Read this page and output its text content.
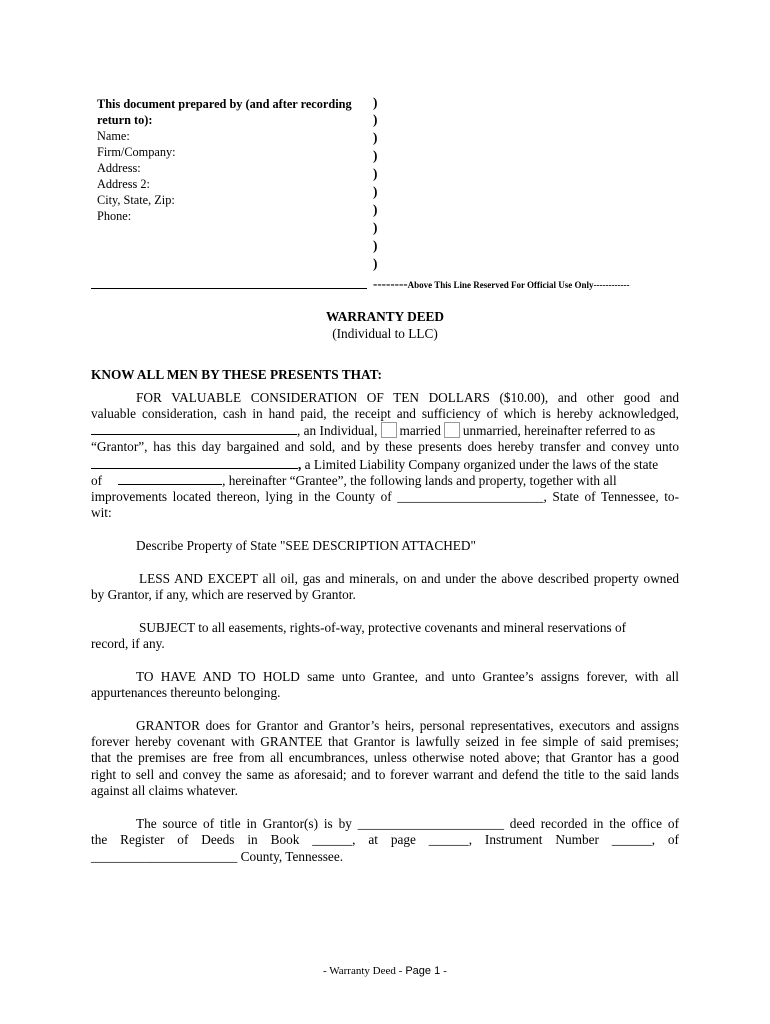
This document prepared by (and after recording
return to):
Name:
Firm/Company:
Address:
Address 2:
City, State, Zip:
Phone:
)
)
)
)
)
)
)
)
)
)
--------Above This Line Reserved For Official Use Only------------
WARRANTY DEED
(Individual to LLC)
KNOW ALL MEN BY THESE PRESENTS THAT:
FOR VALUABLE CONSIDERATION OF TEN DOLLARS ($10.00), and other good and
valuable consideration, cash in hand paid, the receipt and sufficiency of which is hereby acknowledged,
, an Individual, married unmarried, hereinafter referred to as
“Grantor”, has this day bargained and sold, and by these presents does hereby transfer and convey unto
, a Limited Liability Company organized under the laws of the state
of	, hereinafter “Grantee”, the following lands and property, together with all
improvements located thereon, lying in the County of ______________________, State of Tennessee, to-
wit:
Describe Property of State "SEE DESCRIPTION ATTACHED"
LESS AND EXCEPT all oil, gas and minerals, on and under the above described property owned
by Grantor, if any, which are reserved by Grantor.
SUBJECT to all easements, rights-of-way, protective covenants and mineral reservations of
record, if any.
TO HAVE AND TO HOLD same unto Grantee, and unto Grantee’s assigns forever, with all
appurtenances thereunto belonging.
GRANTOR does for Grantor and Grantor’s heirs, personal representatives, executors and assigns
forever hereby covenant with GRANTEE that Grantor is lawfully seized in fee simple of said premises;
that the premises are free from all encumbrances, unless otherwise noted above; that Grantor has a good
right to sell and convey the same as aforesaid; and to forever warrant and defend the title to the said lands
against all claims whatever.
The source of title in Grantor(s) is by ______________________ deed recorded in the office of
the Register of Deeds in Book ______, at page ______, Instrument Number ______, of
______________________ County, Tennessee.
- Warranty Deed - Page 1 -
